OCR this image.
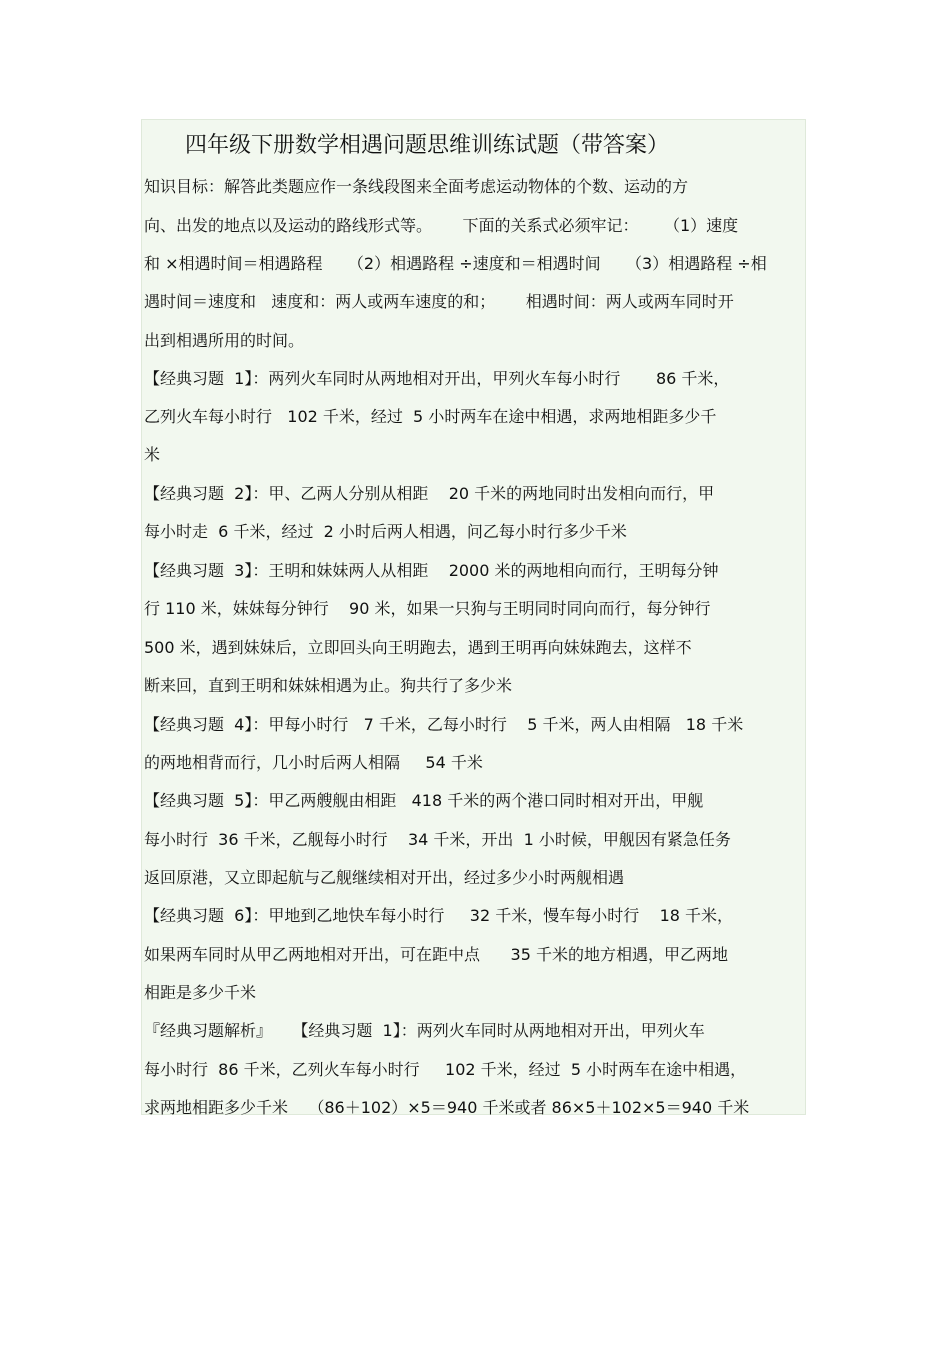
四年级下册数学相遇问题思维训练试题（带答案）
知识目标：解答此类题应作一条线段图来全面考虑运动物体的个数、运动的方
向、出发的地点以及运动的路线形式等。      下面的关系式必须牢记：     （1）速度
和 ×相遇时间＝相遇路程     （2）相遇路程 ÷速度和＝相遇时间     （3）相遇路程 ÷相
遇时间＝速度和   速度和：两人或两车速度的和；      相遇时间：两人或两车同时开
出到相遇所用的时间。
【经典习题  1】：两列火车同时从两地相对开出，甲列火车每小时行       86 千米，
乙列火车每小时行   102 千米，经过  5 小时两车在途中相遇，求两地相距多少千
米
【经典习题  2】：甲、乙两人分别从相距    20 千米的两地同时出发相向而行，甲
每小时走  6 千米，经过  2 小时后两人相遇，问乙每小时行多少千米
【经典习题  3】：王明和妹妹两人从相距    2000 米的两地相向而行，王明每分钟
行 110 米，妹妹每分钟行    90 米，如果一只狗与王明同时同向而行，每分钟行
500 米，遇到妹妹后，立即回头向王明跑去，遇到王明再向妹妹跑去，这样不
断来回，直到王明和妹妹相遇为止。狗共行了多少米
【经典习题  4】：甲每小时行   7 千米，乙每小时行    5 千米，两人由相隔   18 千米
的两地相背而行，几小时后两人相隔     54 千米
【经典习题  5】：甲乙两艘舰由相距   418 千米的两个港口同时相对开出，甲舰
每小时行  36 千米，乙舰每小时行    34 千米，开出  1 小时候，甲舰因有紧急任务
返回原港，又立即起航与乙舰继续相对开出，经过多少小时两舰相遇
【经典习题  6】：甲地到乙地快车每小时行     32 千米，慢车每小时行    18 千米，
如果两车同时从甲乙两地相对开出，可在距中点      35 千米的地方相遇，甲乙两地
相距是多少千米
『经典习题解析』    【经典习题  1】：两列火车同时从两地相对开出，甲列火车
每小时行  86 千米，乙列火车每小时行     102 千米，经过  5 小时两车在途中相遇，
求两地相距多少千米    （86＋102）×5＝940 千米或者 86×5＋102×5＝940 千米
